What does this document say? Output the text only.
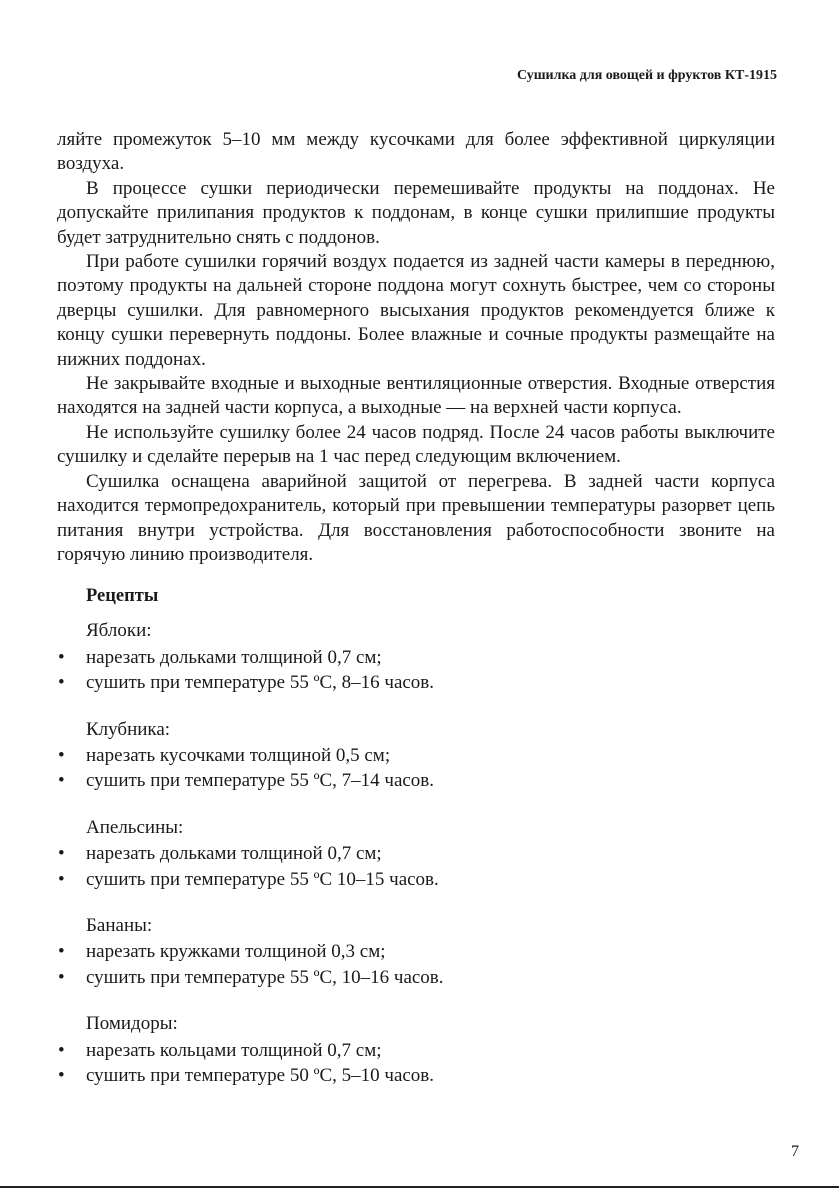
Сушилка для овощей и фруктов КТ-1915

ляйте промежуток 5–10 мм между кусочками для более эффективной циркуляции воздуха.

В процессе сушки периодически перемешивайте продукты на поддонах. Не допускайте прилипания продуктов к поддонам, в конце сушки прилипшие продукты будет затруднительно снять с поддонов.

При работе сушилки горячий воздух подается из задней части камеры в переднюю, поэтому продукты на дальней стороне поддона могут сохнуть быстрее, чем со стороны дверцы сушилки. Для равномерного высыхания продуктов рекомендуется ближе к концу сушки перевернуть поддоны. Более влажные и сочные продукты размещайте на нижних поддонах.

Не закрывайте входные и выходные вентиляционные отверстия. Входные отверстия находятся на задней части корпуса, а выходные — на верхней части корпуса.

Не используйте сушилку более 24 часов подряд. После 24 часов работы выключите сушилку и сделайте перерыв на 1 час перед следующим включением.

Сушилка оснащена аварийной защитой от перегрева. В задней части корпуса находится термопредохранитель, который при превышении температуры разорвет цепь питания внутри устройства. Для восстановления работоспособности звоните на горячую линию производителя.

Рецепты
Яблоки:
• нарезать дольками толщиной 0,7 см;
• сушить при температуре 55 ºС, 8–16 часов.
Клубника:
• нарезать кусочками толщиной 0,5 см;
• сушить при температуре 55 ºС, 7–14 часов.
Апельсины:
• нарезать дольками толщиной 0,7 см;
• сушить при температуре 55 ºС 10–15 часов.
Бананы:
• нарезать кружками толщиной 0,3 см;
• сушить при температуре 55 ºС, 10–16 часов.
Помидоры:
• нарезать кольцами толщиной 0,7 см;
• сушить при температуре 50 ºС, 5–10 часов.
7
